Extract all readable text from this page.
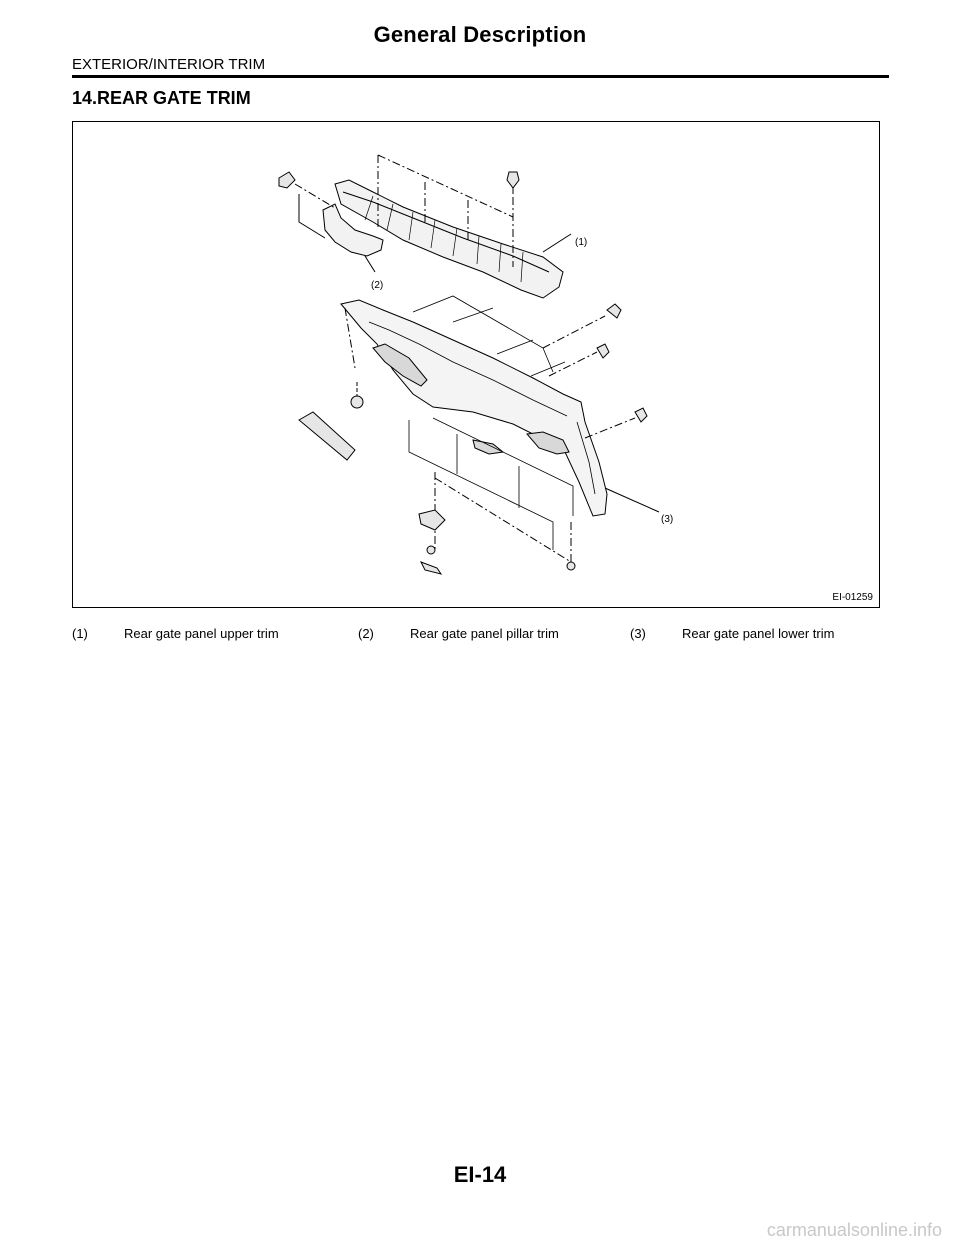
General Description
EXTERIOR/INTERIOR TRIM
14.REAR GATE TRIM
(1)
(2)
(3)
EI-01259
(1)	Rear gate panel upper trim	(2)	Rear gate panel pillar trim	(3)	Rear gate panel lower trim
EI-14
carmanualsonline.info
